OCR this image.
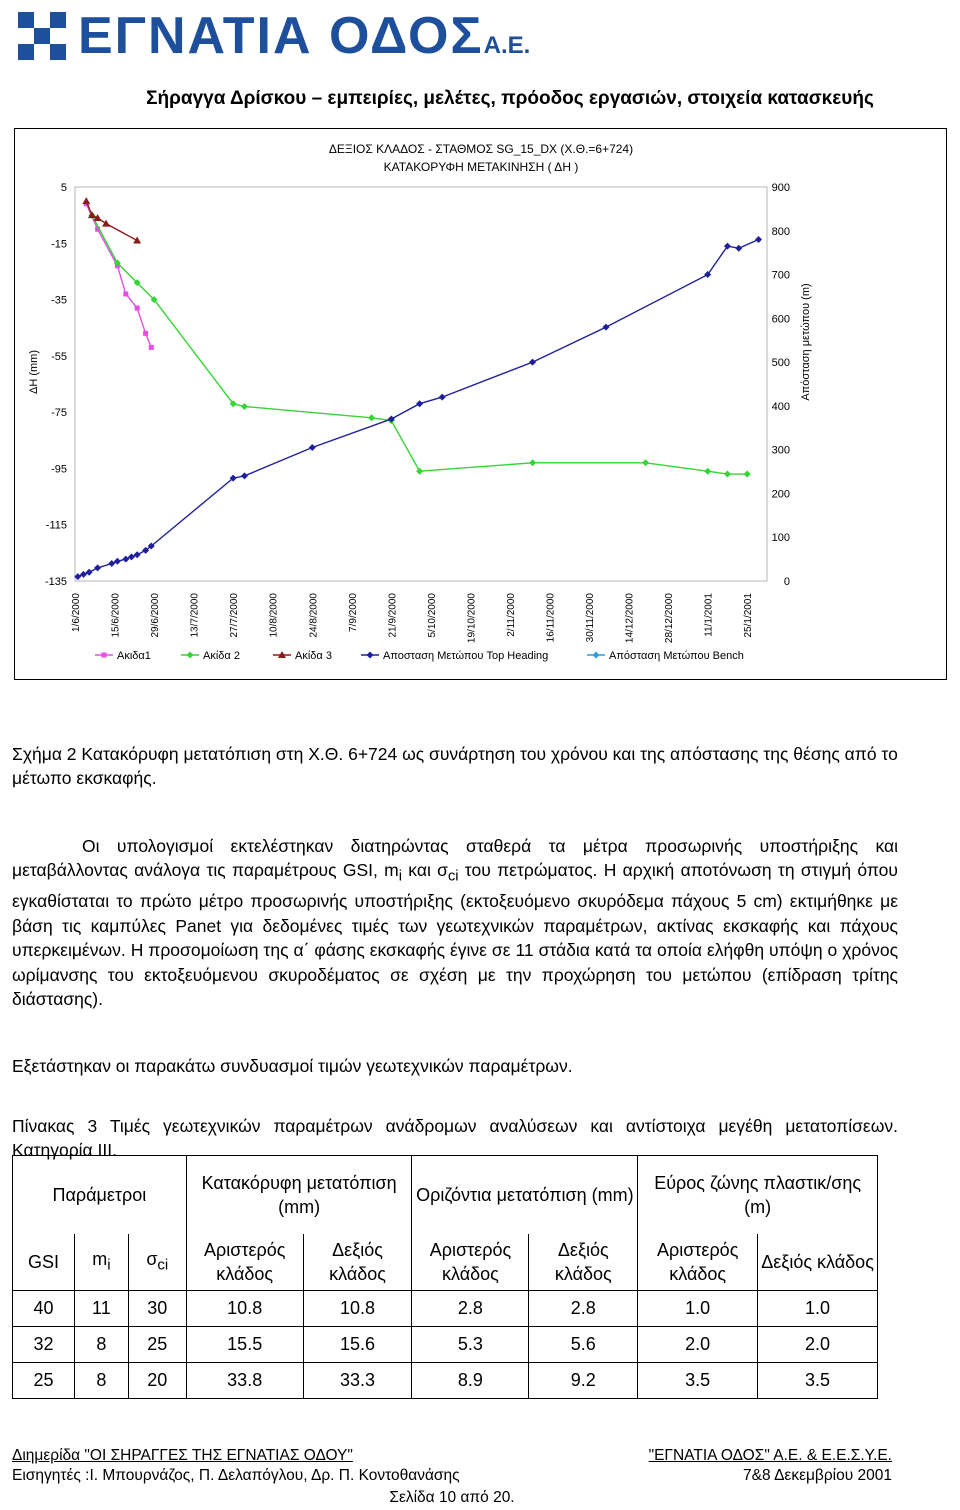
ΕΓΝΑΤΙΑ ΟΔΟΣΑ.Ε.
Σήραγγα Δρίσκου – εμπειρίες, μελέτες, πρόοδος εργασιών, στοιχεία κατασκευής
ΔΕΞΙΟΣ ΚΛΑΔΟΣ - ΣΤΑΘΜΟΣ SG_15_DX (Χ.Θ.=6+724)
ΚΑΤΑΚΟΡΥΦΗ ΜΕΤΑΚΙΝΗΣΗ ( ΔΗ )
5
-15
-35
-55
-75
-95
-115
-135
900
800
700
600
500
400
300
200
100
0
ΔΗ (mm)	Απόσταση μετώπου (m)
1/6/2000	15/6/2000	29/6/2000	13/7/2000	27/7/2000	10/8/2000	24/8/2000	7/9/2000	21/9/2000	5/10/2000	19/10/2000	2/11/2000	16/11/2000	30/11/2000	14/12/2000	28/12/2000	11/1/2001	25/1/2001
Ακιδα1	Ακίδα 2	Ακίδα 3	Αποσταση Μετώπου Top Heading	Απόσταση Μετώπου Bench

Σχήμα 2 Κατακόρυφη μετατόπιση στη Χ.Θ. 6+724 ως συνάρτηση του χρόνου και της απόστασης της θέσης από το μέτωπο εκσκαφής.

Οι υπολογισμοί εκτελέστηκαν διατηρώντας σταθερά τα μέτρα προσωρινής υποστήριξης και μεταβάλλοντας ανάλογα τις παραμέτρους GSI, $m_i$ και $\sigma_{ci}$ του πετρώματος. Η αρχική αποτόνωση τη στιγμή όπου εγκαθίσταται το πρώτο μέτρο προσωρινής υποστήριξης (εκτοξευόμενο σκυρόδεμα πάχους 5 cm) εκτιμήθηκε με βάση τις καμπύλες Panet για δεδομένες τιμές των γεωτεχνικών παραμέτρων, ακτίνας εκσκαφής και πάχους υπερκειμένων. Η προσομοίωση της α΄ φάσης εκσκαφής έγινε σε 11 στάδια κατά τα οποία ελήφθη υπόψη ο χρόνος ωρίμανσης του εκτοξευόμενου σκυροδέματος σε σχέση με την προχώρηση του μετώπου (επίδραση τρίτης διάστασης).

Εξετάστηκαν οι παρακάτω συνδυασμοί τιμών γεωτεχνικών παραμέτρων.

Πίνακας 3 Τιμές γεωτεχνικών παραμέτρων ανάδρομων αναλύσεων και αντίστοιχα μεγέθη μετατοπίσεων. Κατηγορία ΙΙΙ.

Παράμετροι			Κατακόρυφη μετατόπιση (mm)		Οριζόντια μετατόπιση (mm)		Εύρος ζώνης πλαστικ/σης (m)	
GSI	$m_i$	$\sigma_{ci}$	Αριστερός κλάδος	Δεξιός κλάδος	Αριστερός κλάδος	Δεξιός κλάδος	Αριστερός κλάδος	Δεξιός κλάδος
40	11	30	10.8	10.8	2.8	2.8	1.0	1.0
32	8	25	15.5	15.6	5.3	5.6	2.0	2.0
25	8	20	33.8	33.3	8.9	9.2	3.5	3.5
Διημερίδα "ΟΙ ΣΗΡΑΓΓΕΣ ΤΗΣ ΕΓΝΑΤΙΑΣ ΟΔΟΥ"	"ΕΓΝΑΤΙΑ ΟΔΟΣ" Α.Ε. & Ε.Ε.Σ.Υ.Ε.
Εισηγητές :Ι. Μπουρνάζος, Π. Δελαπόγλου, Δρ. Π. Κοντοθανάσης	7&8 Δεκεμβρίου 2001
Σελίδα 10 από 20.
